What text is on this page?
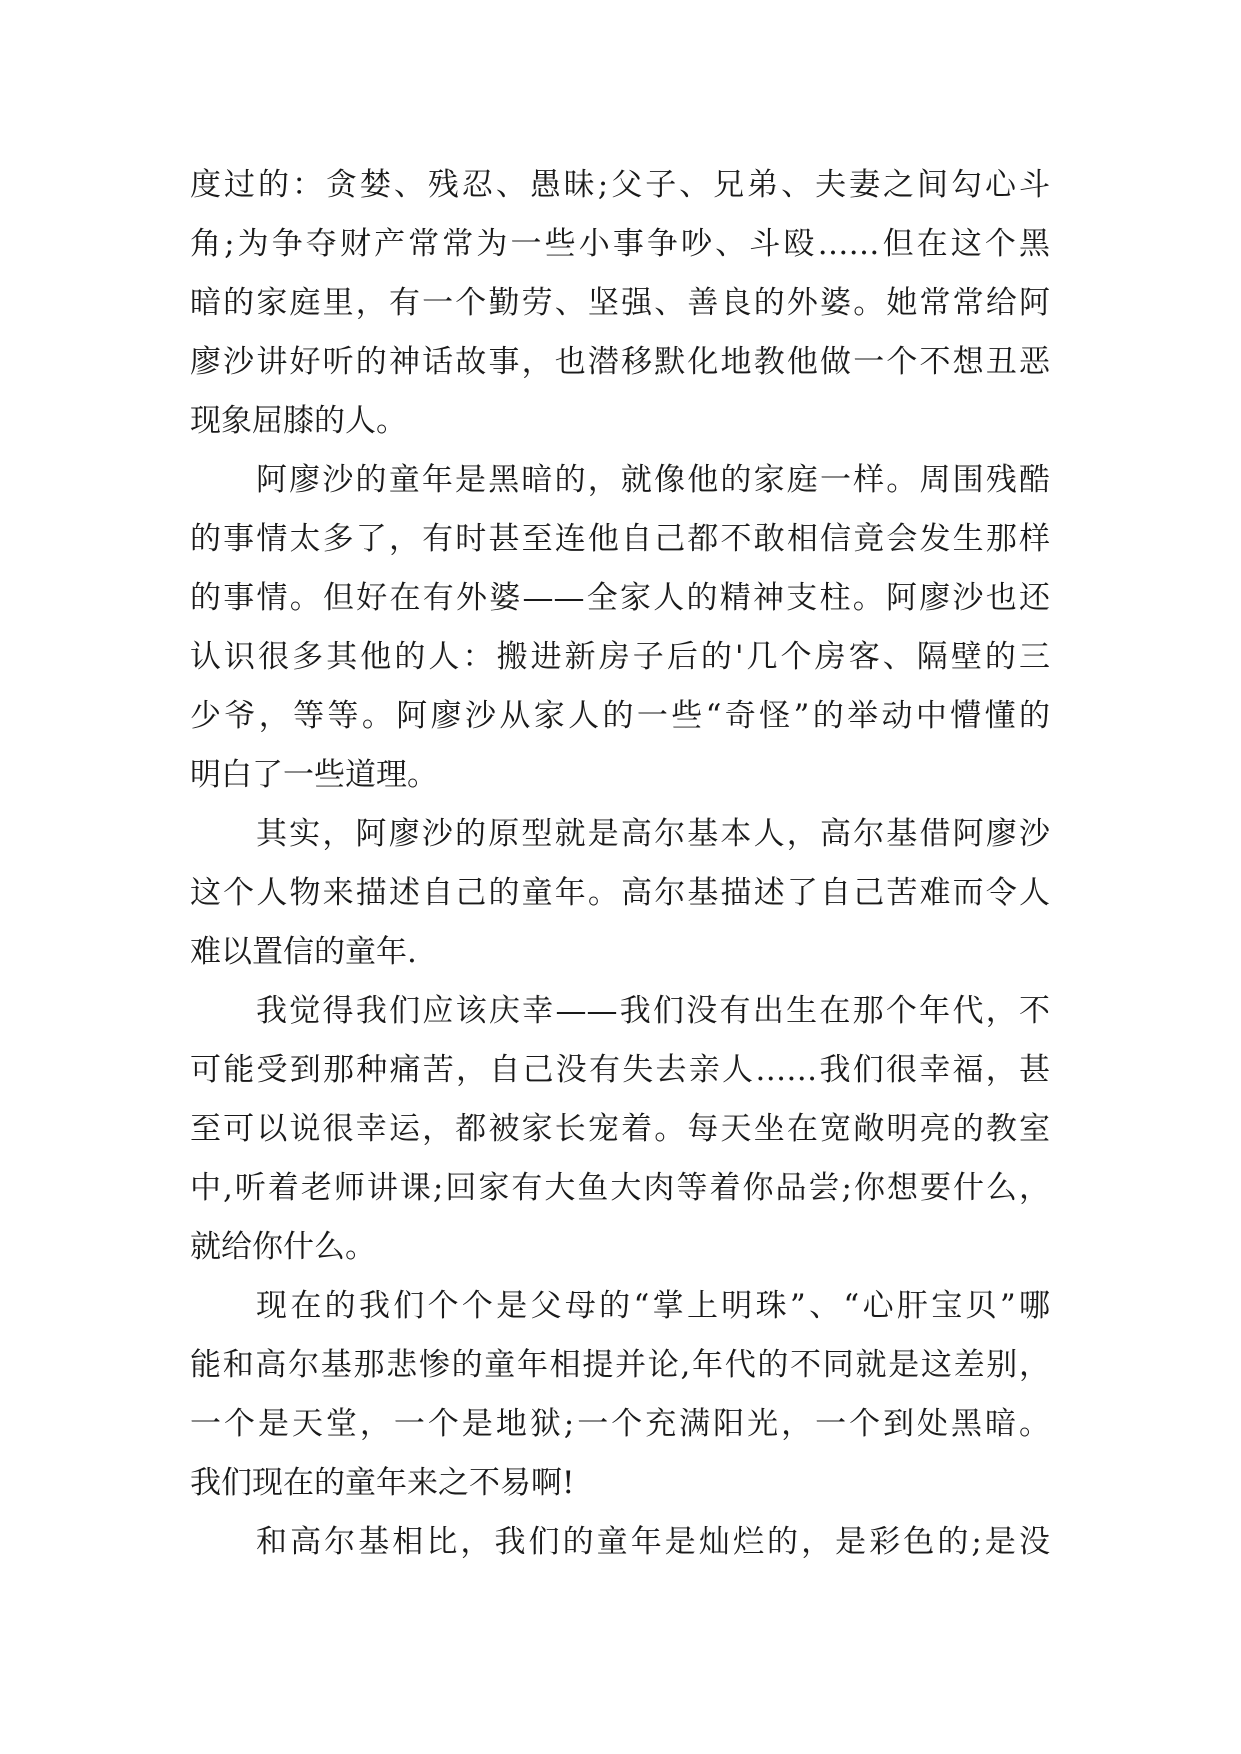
度过的：贪婪、残忍、愚昧;父子、兄弟、夫妻之间勾心斗
角;为争夺财产常常为一些小事争吵、斗殴……但在这个黑
暗的家庭里，有一个勤劳、坚强、善良的外婆。她常常给阿
廖沙讲好听的神话故事，也潜移默化地教他做一个不想丑恶
现象屈膝的人。
阿廖沙的童年是黑暗的，就像他的家庭一样。周围残酷
的事情太多了，有时甚至连他自己都不敢相信竟会发生那样
的事情。但好在有外婆——全家人的精神支柱。阿廖沙也还
认识很多其他的人：搬进新房子后的'几个房客、隔壁的三
少爷，等等。阿廖沙从家人的一些“奇怪”的举动中懵懂的
明白了一些道理。
其实，阿廖沙的原型就是高尔基本人，高尔基借阿廖沙
这个人物来描述自己的童年。高尔基描述了自己苦难而令人
难以置信的童年.
我觉得我们应该庆幸——我们没有出生在那个年代，不
可能受到那种痛苦，自己没有失去亲人……我们很幸福，甚
至可以说很幸运，都被家长宠着。每天坐在宽敞明亮的教室
中,听着老师讲课;回家有大鱼大肉等着你品尝;你想要什么，
就给你什么。
现在的我们个个是父母的“掌上明珠”、“心肝宝贝”哪
能和高尔基那悲惨的童年相提并论,年代的不同就是这差别，
一个是天堂，一个是地狱;一个充满阳光，一个到处黑暗。
我们现在的童年来之不易啊!
和高尔基相比，我们的童年是灿烂的，是彩色的;是没
